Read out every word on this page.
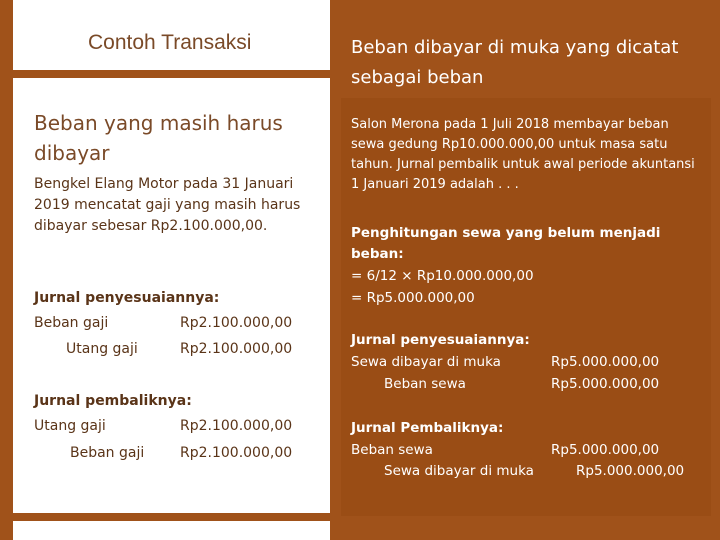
Contoh Transaksi
Beban yang masih harus dibayar
Bengkel Elang Motor pada 31 Januari 2019 mencatat gaji yang masih harus dibayar sebesar Rp2.100.000,00.
Jurnal penyesuaiannya:
Beban gaji	Rp2.100.000,00
Utang gaji	Rp2.100.000,00
Jurnal pembaliknya:
Utang gaji	Rp2.100.000,00
Beban gaji	Rp2.100.000,00
Beban dibayar di muka yang dicatat sebagai beban
Salon Merona pada 1 Juli 2018 membayar beban sewa gedung Rp10.000.000,00 untuk masa satu tahun. Jurnal pembalik untuk awal periode akuntansi 1 Januari 2019 adalah . . .
Penghitungan sewa yang belum menjadi
beban:
= 6/12 × Rp10.000.000,00
= Rp5.000.000,00
Jurnal penyesuaiannya:
Sewa dibayar di muka	Rp5.000.000,00
Beban sewa	Rp5.000.000,00
Jurnal Pembaliknya:
Beban sewa	Rp5.000.000,00
Sewa dibayar di muka	Rp5.000.000,00
